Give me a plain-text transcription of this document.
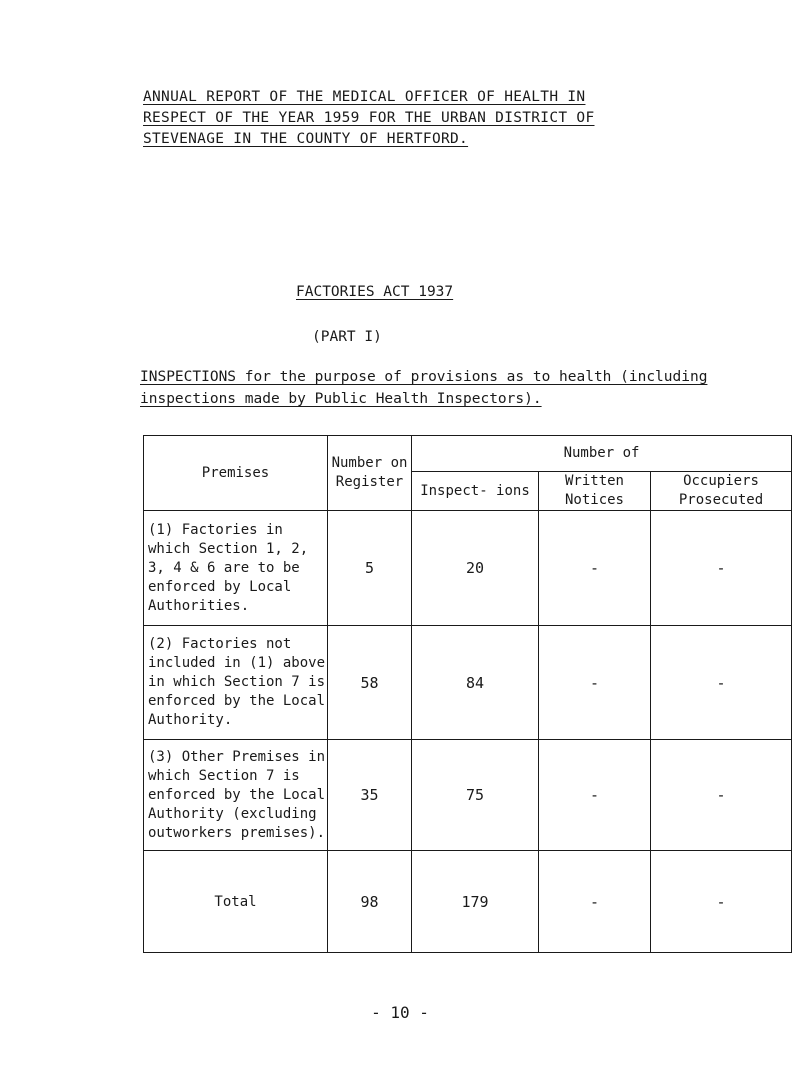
ANNUAL REPORT OF THE MEDICAL OFFICER OF HEALTH IN
RESPECT OF THE YEAR 1959 FOR THE URBAN DISTRICT OF
STEVENAGE IN THE COUNTY OF HERTFORD.
FACTORIES ACT 1937
(PART I)
INSPECTIONS for the purpose of provisions as to health (including
inspections made by Public Health Inspectors).
Premises	Number on Register	Number of		
		Inspect- ions	Written Notices	Occupiers Prosecuted
(1) Factories in which Section 1, 2, 3, 4 & 6 are to be enforced by Local Authorities.	5	20	-	-
(2) Factories not included in (1) above in which Section 7 is enforced by the Local Authority.	58	84	-	-
(3) Other Premises in which Section 7 is enforced by the Local Authority (excluding outworkers premises).	35	75	-	-
Total	98	179	-	-
- 10 -
